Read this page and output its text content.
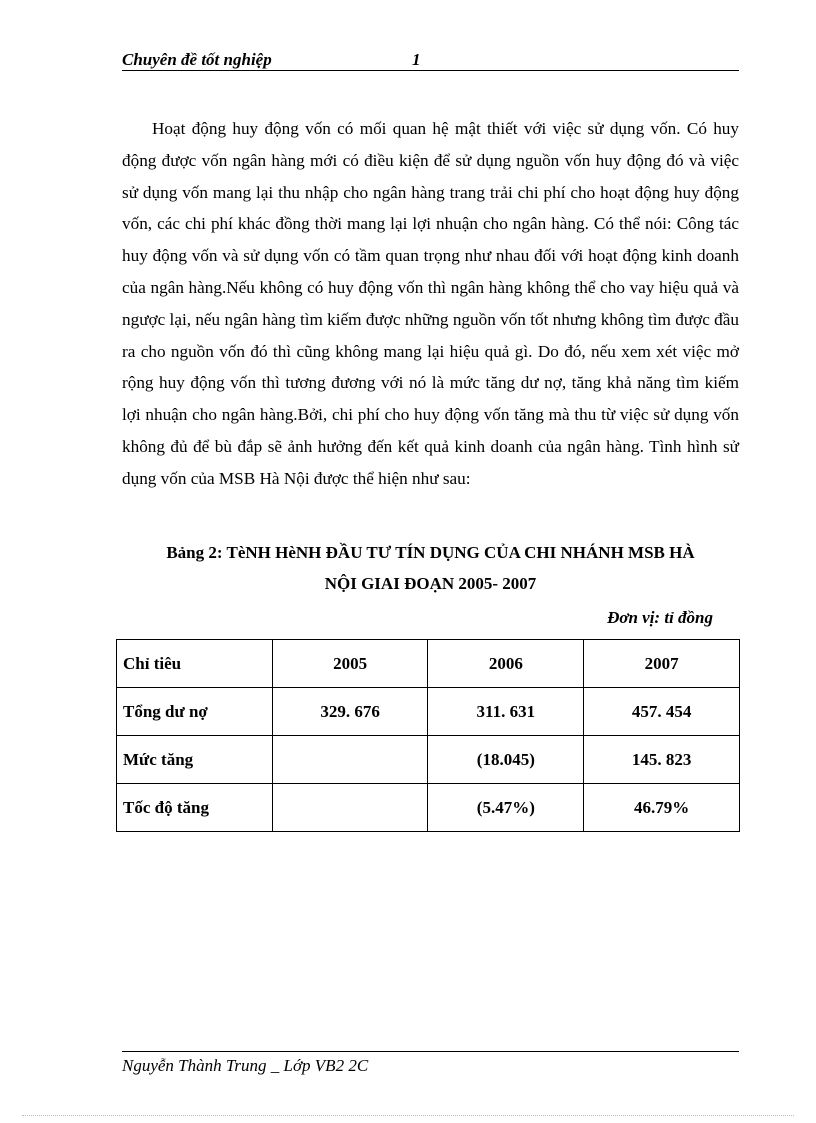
Chuyên đề tốt nghiệp	1

Hoạt động huy động vốn có mối quan hệ mật thiết với việc sử dụng vốn. Có huy động được vốn ngân hàng mới có điều kiện để sử dụng nguồn vốn huy động đó và việc sử dụng vốn mang lại thu nhập cho ngân hàng trang trải chi phí cho hoạt động huy động vốn, các chi phí khác đồng thời mang lại lợi nhuận cho ngân hàng. Có thể nói: Công tác huy động vốn và sử dụng vốn có tầm quan trọng như nhau đối với hoạt động kinh doanh của ngân hàng.Nếu không có huy động vốn thì ngân hàng không thể cho vay hiệu quả và ngược lại, nếu ngân hàng tìm kiếm được những nguồn vốn tốt nhưng không tìm được đầu ra cho nguồn vốn đó thì cũng không mang lại hiệu quả gì. Do đó, nếu xem xét việc mở rộng huy động vốn thì tương đương với nó là mức tăng dư nợ, tăng khả năng tìm kiếm lợi nhuận cho ngân hàng.Bởi, chi phí cho huy động vốn tăng mà thu từ việc sử dụng vốn không đủ để bù đắp sẽ ảnh hưởng đến kết quả kinh doanh của ngân hàng. Tình hình sử dụng vốn của MSB Hà Nội được thể hiện như sau:

Bảng 2: TèNH HèNH ĐẦU TƯ TÍN DỤNG CỦA CHI NHÁNH MSB HÀ
NỘI GIAI ĐOẠN 2005- 2007

Đơn vị: tỉ đồng
Chỉ tiêu	2005	2006	2007
Tổng dư nợ	329. 676	311. 631	457. 454
Mức tăng		(18.045)	145. 823
Tốc độ tăng		(5.47%)	46.79%
Nguyễn Thành Trung _ Lớp VB2 2C
